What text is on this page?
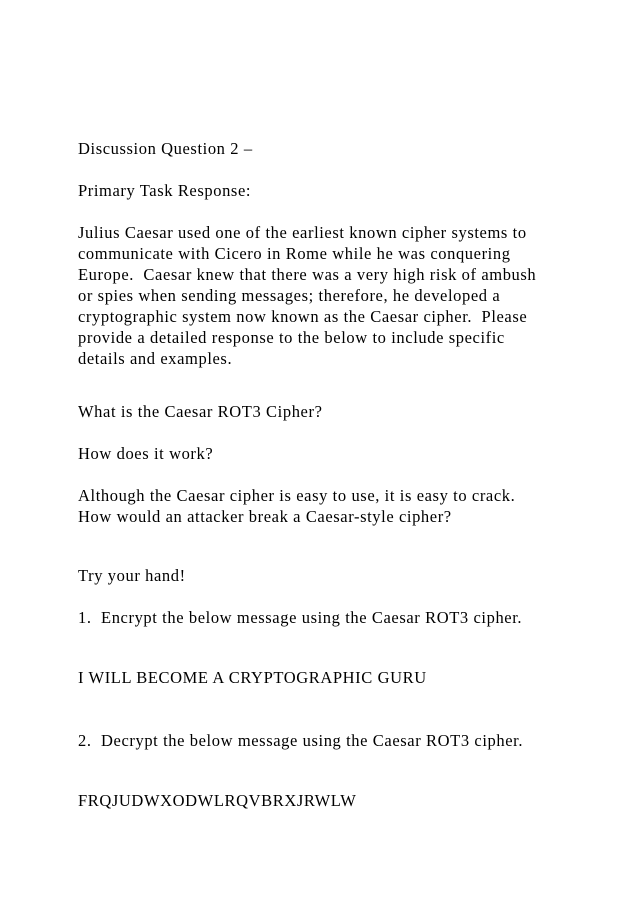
Discussion Question 2 –
Primary Task Response:
Julius Caesar used one of the earliest known cipher systems to
communicate with Cicero in Rome while he was conquering
Europe.  Caesar knew that there was a very high risk of ambush
or spies when sending messages; therefore, he developed a
cryptographic system now known as the Caesar cipher.  Please
provide a detailed response to the below to include specific
details and examples.
What is the Caesar ROT3 Cipher?
How does it work?
Although the Caesar cipher is easy to use, it is easy to crack.
How would an attacker break a Caesar-style cipher?
Try your hand!
1.  Encrypt the below message using the Caesar ROT3 cipher.
I WILL BECOME A CRYPTOGRAPHIC GURU
2.  Decrypt the below message using the Caesar ROT3 cipher.
FRQJUDWXODWLRQVBRXJRWLW
